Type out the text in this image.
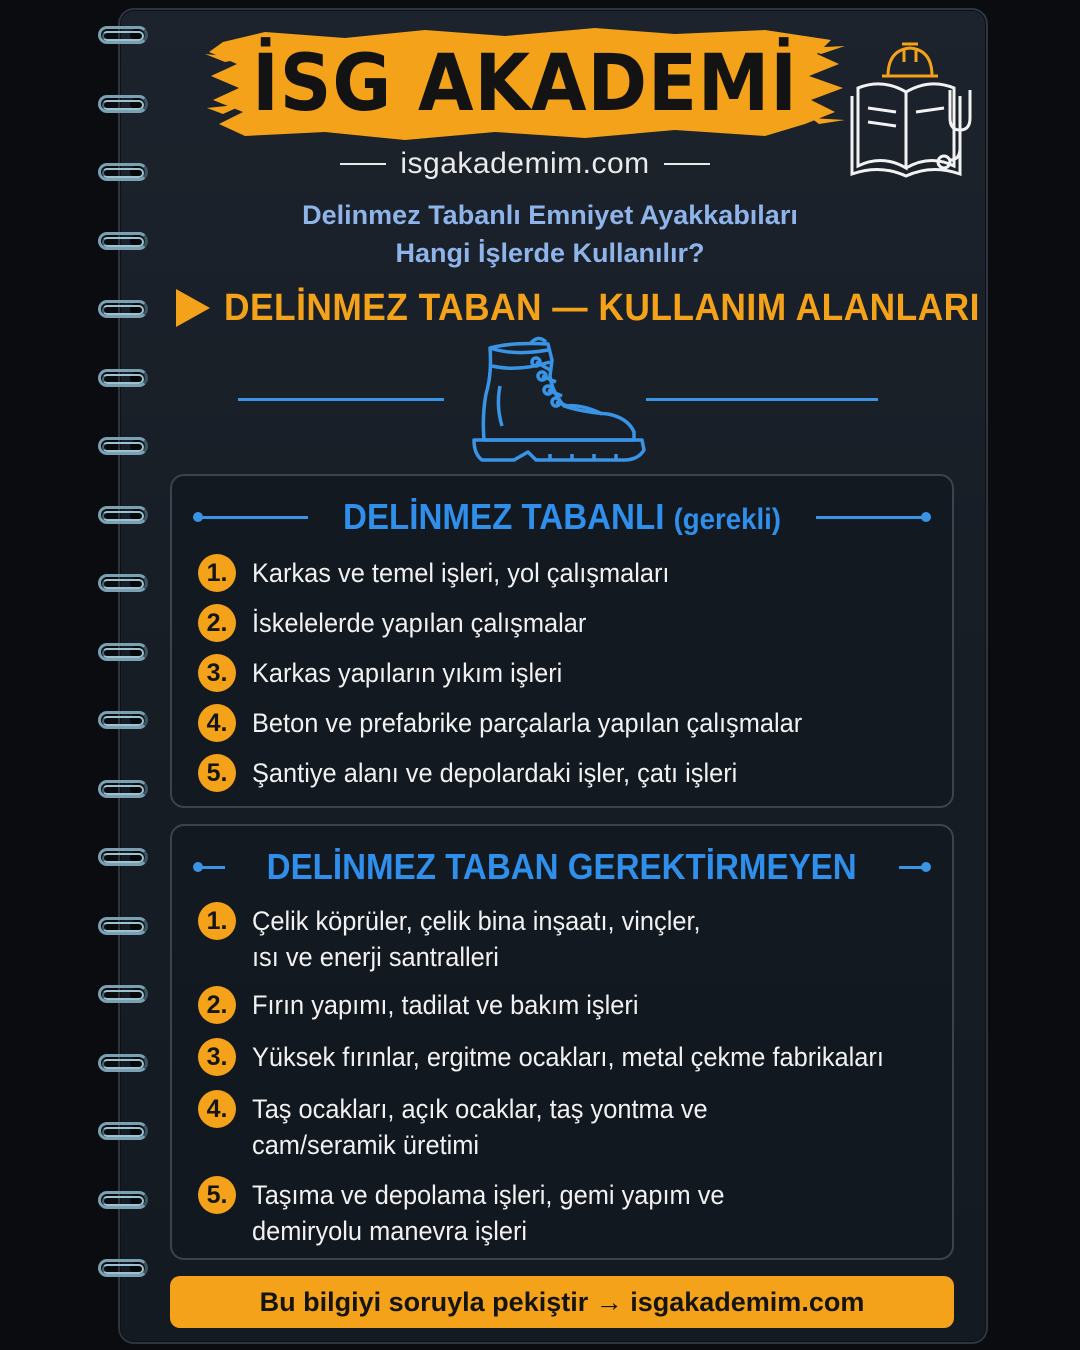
İSG AKADEMİ
isgakademim.com
Delinmez Tabanlı Emniyet Ayakkabıları
Hangi İşlerde Kullanılır?
DELİNMEZ TABAN — KULLANIM ALANLARI
DELİNMEZ TABANLI (gerekli)
1. Karkas ve temel işleri, yol çalışmaları
2. İskelelerde yapılan çalışmalar
3. Karkas yapıların yıkım işleri
4. Beton ve prefabrike parçalarla yapılan çalışmalar
5. Şantiye alanı ve depolardaki işler, çatı işleri
DELİNMEZ TABAN GEREKTİRMEYEN
1. Çelik köprüler, çelik bina inşaatı, vinçler,
ısı ve enerji santralleri
2. Fırın yapımı, tadilat ve bakım işleri
3. Yüksek fırınlar, ergitme ocakları, metal çekme fabrikaları
4. Taş ocakları, açık ocaklar, taş yontma ve
cam/seramik üretimi
5. Taşıma ve depolama işleri, gemi yapım ve
demiryolu manevra işleri
Bu bilgiyi soruyla pekiştir → isgakademim.com
